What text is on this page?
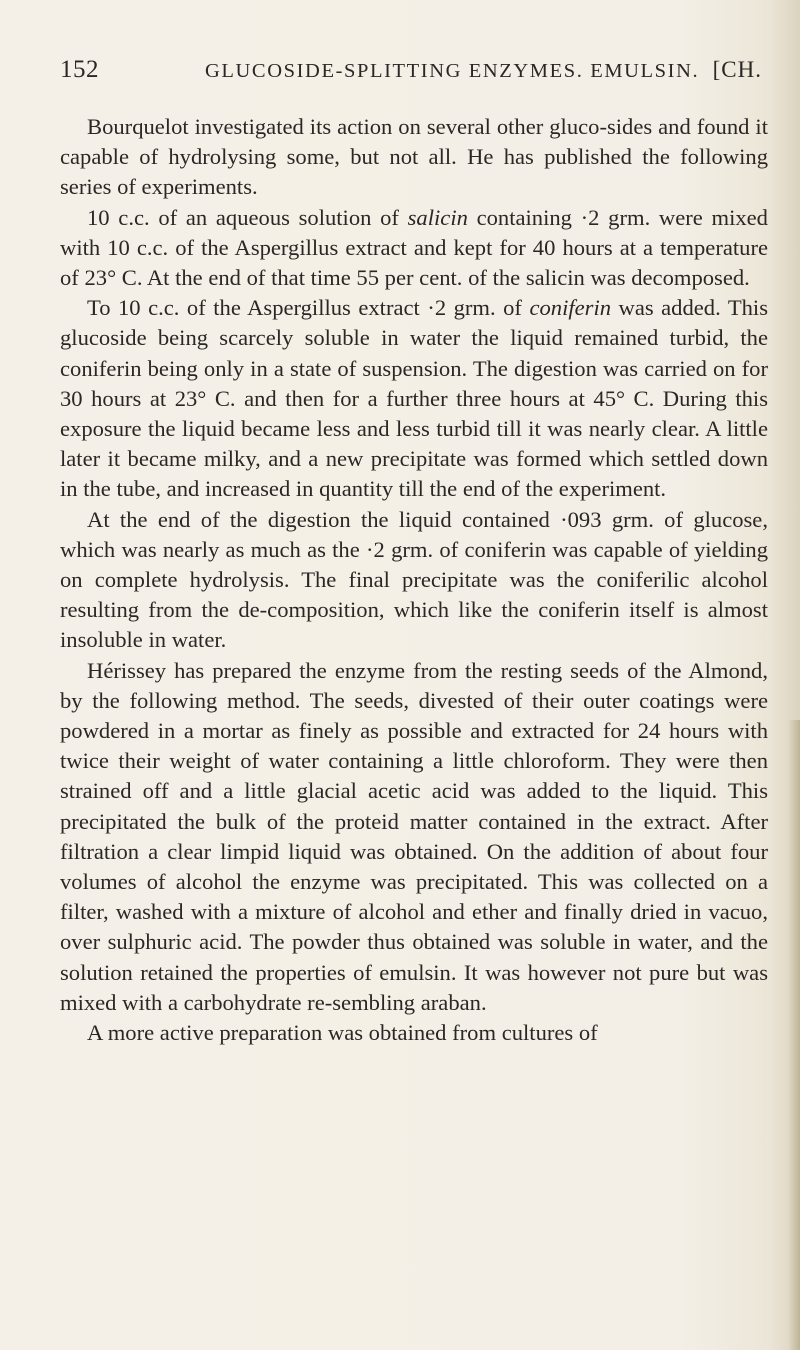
152	GLUCOSIDE-SPLITTING ENZYMES. EMULSIN. [CH.

Bourquelot investigated its action on several other gluco-sides and found it capable of hydrolysing some, but not all. He has published the following series of experiments.

10 c.c. of an aqueous solution of salicin containing ·2 grm. were mixed with 10 c.c. of the Aspergillus extract and kept for 40 hours at a temperature of 23° C. At the end of that time 55 per cent. of the salicin was decomposed.

To 10 c.c. of the Aspergillus extract ·2 grm. of coniferin was added. This glucoside being scarcely soluble in water the liquid remained turbid, the coniferin being only in a state of suspension. The digestion was carried on for 30 hours at 23° C. and then for a further three hours at 45° C. During this exposure the liquid became less and less turbid till it was nearly clear. A little later it became milky, and a new precipitate was formed which settled down in the tube, and increased in quantity till the end of the experiment.

At the end of the digestion the liquid contained ·093 grm. of glucose, which was nearly as much as the ·2 grm. of coniferin was capable of yielding on complete hydrolysis. The final precipitate was the coniferilic alcohol resulting from the de-composition, which like the coniferin itself is almost insoluble in water.

Hérissey has prepared the enzyme from the resting seeds of the Almond, by the following method. The seeds, divested of their outer coatings were powdered in a mortar as finely as possible and extracted for 24 hours with twice their weight of water containing a little chloroform. They were then strained off and a little glacial acetic acid was added to the liquid. This precipitated the bulk of the proteid matter contained in the extract. After filtration a clear limpid liquid was obtained. On the addition of about four volumes of alcohol the enzyme was precipitated. This was collected on a filter, washed with a mixture of alcohol and ether and finally dried in vacuo, over sulphuric acid. The powder thus obtained was soluble in water, and the solution retained the properties of emulsin. It was however not pure but was mixed with a carbohydrate re-sembling araban.

A more active preparation was obtained from cultures of
